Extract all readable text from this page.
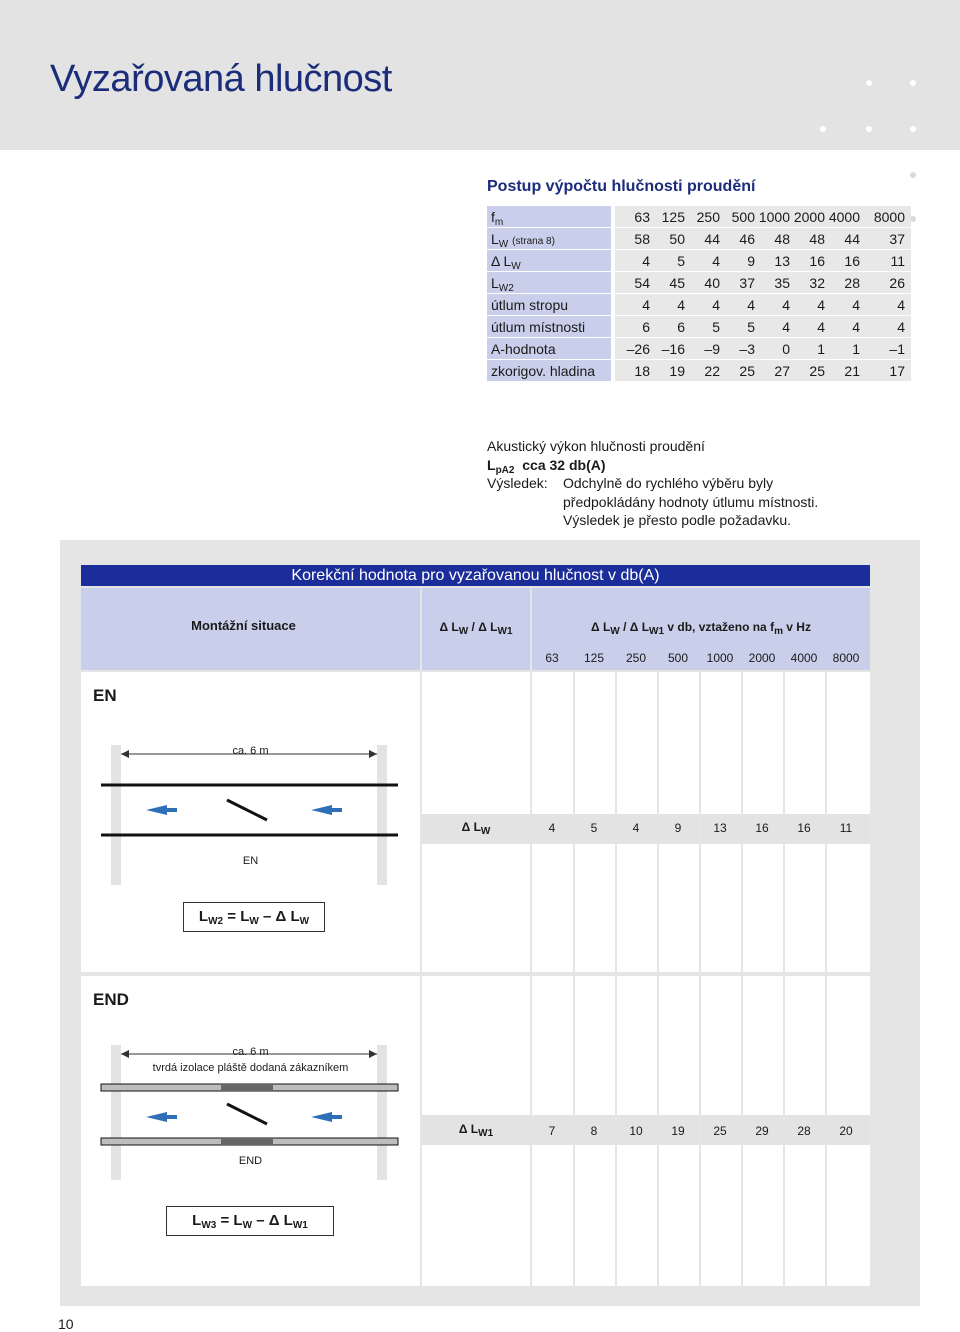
Vyzařovaná hlučnost
Postup výpočtu hlučnosti proudění
$f_m$		63	125	250	500	1000	2000	4000	8000
$L_W$ (strana 8)		58	50	44	46	48	48	44	37
Δ $L_W$		4	5	4	9	13	16	16	11
$L_{W2}$		54	45	40	37	35	32	28	26
útlum stropu		4	4	4	4	4	4	4	4
útlum místnosti		6	6	5	5	4	4	4	4
A-hodnota		–26	–16	–9	–3	0	1	1	–1
zkorigov. hladina		18	19	22	25	27	25	21	17
Akustický výkon hlučnosti proudění
$L_{pA2}$ cca 32 db(A)
Výsledek:	Odchylně do rychlého výběru byly
předpokládány hodnoty útlumu místnosti.
Výsledek je přesto podle požadavku.
Korekční hodnota pro vyzařovanou hlučnost v db(A)
Montážní situace	Δ $L_W$ / Δ $L_{W1}$	Δ $L_W$ / Δ $L_{W1}$ v db, vztaženo na $f_m$ v Hz
63	125	250	500	1000	2000	4000	8000
EN
ca. 6 m
EN
$L_{W2} = L_W - \Delta$ $L_W$
Δ $L_W$	4	5	4	9	13	16	16	11
END
ca. 6 m
tvrdá izolace pláště dodaná zákazníkem
END
$L_{W3} = L_W - \Delta$ $L_{W1}$
Δ $L_{W1}$	7	8	10	19	25	29	28	20
10
